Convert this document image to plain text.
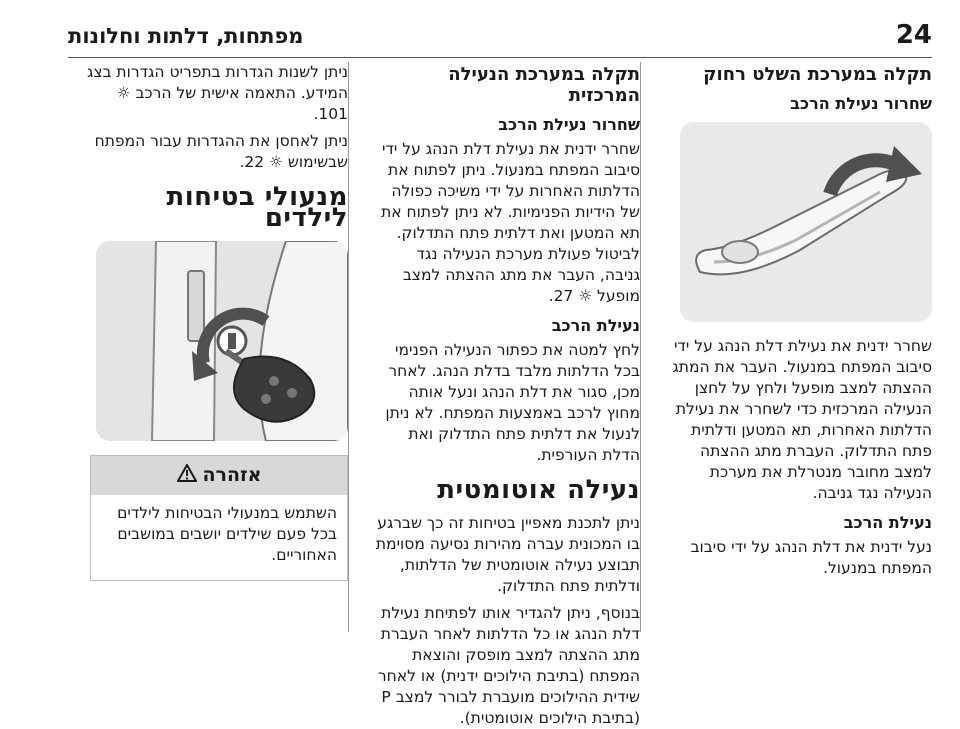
24
מפתחות, דלתות וחלונות
תקלה במערכת השלט רחוק
שחרור נעילת הרכב

שחרר ידנית את נעילת דלת הנהג על ידי סיבוב המפתח במנעול. העבר את המתג ההצתה למצב מופעל ולחץ על לחצן הנעילה המרכזית כדי לשחרר את נעילת הדלתות האחרות, תא המטען ודלתית פתח התדלוק. העברת מתג ההצתה למצב מחובר מנטרלת את מערכת הנעילה נגד גניבה.

נעילת הרכב

נעל ידנית את דלת הנהג על ידי סיבוב המפתח במנעול.

תקלה במערכת הנעילה המרכזית
שחרור נעילת הרכב

שחרר ידנית את נעילת דלת הנהג על ידי סיבוב המפתח במנעול. ניתן לפתוח את הדלתות האחרות על ידי משיכה כפולה של הידיות הפנימיות. לא ניתן לפתוח את תא המטען ואת דלתית פתח התדלוק. לביטול פעולת מערכת הנעילה נגד גניבה, העבר את מתג ההצתה למצב מופעל ☼ 27.

נעילת הרכב

לחץ למטה את כפתור הנעילה הפנימי בכל הדלתות מלבד בדלת הנהג. לאחר מכן, סגור את דלת הנהג ונעל אותה מחוץ לרכב באמצעות המפתח. לא ניתן לנעול את דלתית פתח התדלוק ואת הדלת העורפית.

נעילה אוטומטית

ניתן לתכנת מאפיין בטיחות זה כך שברגע בו המכונית עברה מהירות נסיעה מסוימת תבוצע נעילה אוטומטית של הדלתות, ודלתית פתח התדלוק.

בנוסף, ניתן להגדיר אותו לפתיחת נעילת דלת הנהג או כל הדלתות לאחר העברת מתג ההצתה למצב מופסק והוצאת המפתח (בתיבת הילוכים ידנית) או לאחר שידית ההילוכים מועברת לבורר למצב P (בתיבת הילוכים אוטומטית).

ניתן לשנות הגדרות בתפריט הגדרות בצג המידע. התאמה אישית של הרכב ☼ 101.

ניתן לאחסן את ההגדרות עבור המפתח שבשימוש ☼ 22.

מנעולי בטיחות לילדים
אזהרה
השתמש במנעולי הבטיחות לילדים בכל פעם שילדים יושבים במושבים האחוריים.
